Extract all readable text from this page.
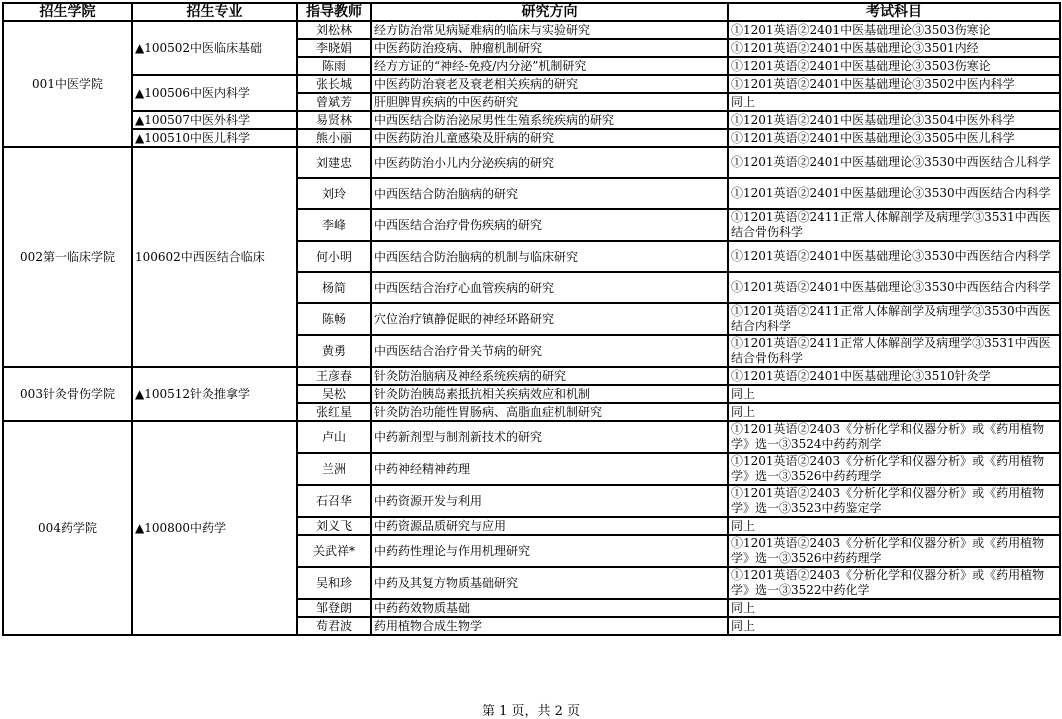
招生学院	招生专业	指导教师	研究方向	考试科目
001中医学院	▲100502中医临床基础	刘松林	经方防治常见病疑难病的临床与实验研究	①1201英语②2401中医基础理论③3503伤寒论
		李晓娟	中医药防治疫病、肿瘤机制研究	①1201英语②2401中医基础理论③3501内经
		陈雨	经方方证的“神经-免疫/内分泌”机制研究	①1201英语②2401中医基础理论③3503伤寒论
	▲100506中医内科学	张长城	中医药防治衰老及衰老相关疾病的研究	①1201英语②2401中医基础理论③3502中医内科学
		曾斌芳	肝胆脾胃疾病的中医药研究	同上
	▲100507中医外科学	易贤林	中西医结合防治泌尿男性生殖系统疾病的研究	①1201英语②2401中医基础理论③3504中医外科学
	▲100510中医儿科学	熊小丽	中医药防治儿童感染及肝病的研究	①1201英语②2401中医基础理论③3505中医儿科学
002第一临床学院	100602中西医结合临床	刘建忠	中医药防治小儿内分泌疾病的研究	①1201英语②2401中医基础理论③3530中西医结合儿科学
		刘玲	中西医结合防治脑病的研究	①1201英语②2401中医基础理论③3530中西医结合内科学
		李峰	中西医结合治疗骨伤疾病的研究	①1201英语②2411正常人体解剖学及病理学③3531中西医结合骨伤科学
		何小明	中西医结合防治脑病的机制与临床研究	①1201英语②2401中医基础理论③3530中西医结合内科学
		杨简	中西医结合治疗心血管疾病的研究	①1201英语②2401中医基础理论③3530中西医结合内科学
		陈畅	穴位治疗镇静促眠的神经环路研究	①1201英语②2411正常人体解剖学及病理学③3530中西医结合内科学
		黄勇	中西医结合治疗骨关节病的研究	①1201英语②2411正常人体解剖学及病理学③3531中西医结合骨伤科学
003针灸骨伤学院	▲100512针灸推拿学	王彦春	针灸防治脑病及神经系统疾病的研究	①1201英语②2401中医基础理论③3510针灸学
		吴松	针灸防治胰岛素抵抗相关疾病效应和机制	同上
		张红星	针灸防治功能性胃肠病、高脂血症机制研究	同上
004药学院	▲100800中药学	卢山	中药新剂型与制剂新技术的研究	①1201英语②2403《分析化学和仪器分析》或《药用植物学》选一③3524中药药剂学
		兰洲	中药神经精神药理	①1201英语②2403《分析化学和仪器分析》或《药用植物学》选一③3526中药药理学
		石召华	中药资源开发与利用	①1201英语②2403《分析化学和仪器分析》或《药用植物学》选一③3523中药鉴定学
		刘义飞	中药资源品质研究与应用	同上
		关武祥*	中药药性理论与作用机理研究	①1201英语②2403《分析化学和仪器分析》或《药用植物学》选一③3526中药药理学
		吴和珍	中药及其复方物质基础研究	①1201英语②2403《分析化学和仪器分析》或《药用植物学》选一③3522中药化学
		邹登朗	中药药效物质基础	同上
		苟君波	药用植物合成生物学	同上
第 1 页，共 2 页
